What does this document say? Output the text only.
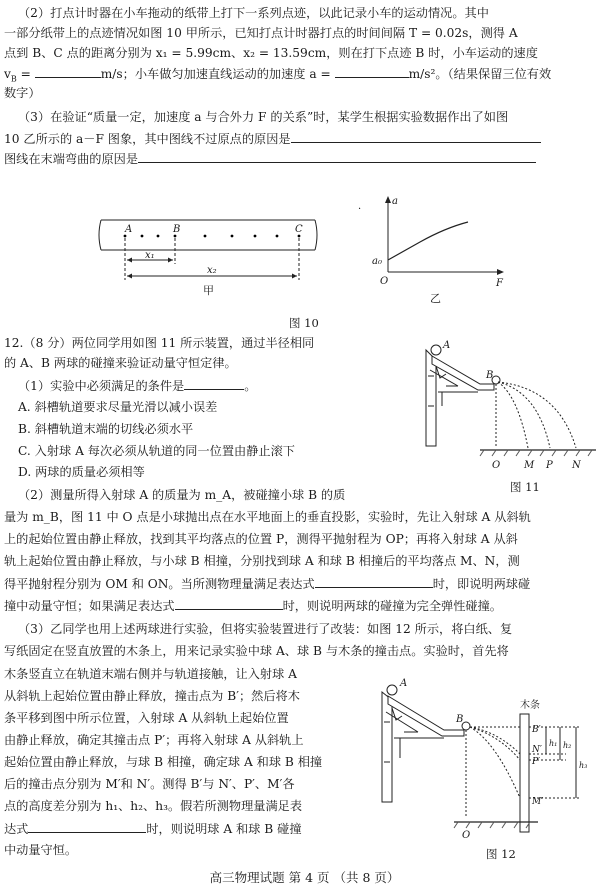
（2）打点计时器在小车拖动的纸带上打下一系列点迹，以此记录小车的运动情况。其中
一部分纸带上的点迹情况如图 10 甲所示，已知打点计时器打点的时间间隔 T = 0.02s，测得 A
点到 B、C 点的距离分别为 x₁ = 5.99cm、x₂ = 13.59cm，则在打下点迹 B 时，小车运动的速度
$v_B$ =	m/s；小车做匀加速直线运动的加速度 a =	m/s²。（结果保留三位有效
数字）
（3）在验证“质量一定，加速度 a 与合外力 F 的关系”时，某学生根据实验数据作出了如图
10 乙所示的 a－F 图象，其中图线不过原点的原因是
图线在末端弯曲的原因是
A	B	C
x₁
x₂
甲
a
a₀
O	F
·
乙
图 10
12.（8 分）两位同学用如图 11 所示装置，通过半径相同
的 A、B 两球的碰撞来验证动量守恒定律。
（1）实验中必须满足的条件是	。
A. 斜槽轨道要求尽量光滑以减小误差
B. 斜槽轨道末端的切线必须水平
C. 入射球 A 每次必须从轨道的同一位置由静止滚下
D. 两球的质量必须相等
（2）测量所得入射球 A 的质量为 m_A，被碰撞小球 B 的质
量为 m_B，图 11 中 O 点是小球抛出点在水平地面上的垂直投影，实验时，先让入射球 A 从斜轨
上的起始位置由静止释放，找到其平均落点的位置 P，测得平抛射程为 OP；再将入射球 A 从斜
轨上起始位置由静止释放，与小球 B 相撞，分别找到球 A 和球 B 相撞后的平均落点 M、N，测
得平抛射程分别为 OM 和 ON。当所测物理量满足表达式	时，即说明两球碰
撞中动量守恒；如果满足表达式	时，则说明两球的碰撞为完全弹性碰撞。
（3）乙同学也用上述两球进行实验，但将实验装置进行了改装：如图 12 所示，将白纸、复
写纸固定在竖直放置的木条上，用来记录实验中球 A、球 B 与木条的撞击点。实验时，首先将
木条竖直立在轨道末端右侧并与轨道接触，让入射球 A
从斜轨上起始位置由静止释放，撞击点为 B′；然后将木
条平移到图中所示位置，入射球 A 从斜轨上起始位置
由静止释放，确定其撞击点 P′；再将入射球 A 从斜轨上
起始位置由静止释放，与球 B 相撞，确定球 A 和球 B 相撞
后的撞击点分别为 M′和 N′。测得 B′与 N′、P′、M′各
点的高度差分别为 h₁、h₂、h₃。假若所测物理量满足表
达式	时，则说明球 A 和球 B 碰撞
中动量守恒。
A
B
O M P N
图 11
A
B
木条
B′
N′
P′
M′
h₁ h₂
h₃
O
图 12
高三物理试题 第 4 页 （共 8 页）
